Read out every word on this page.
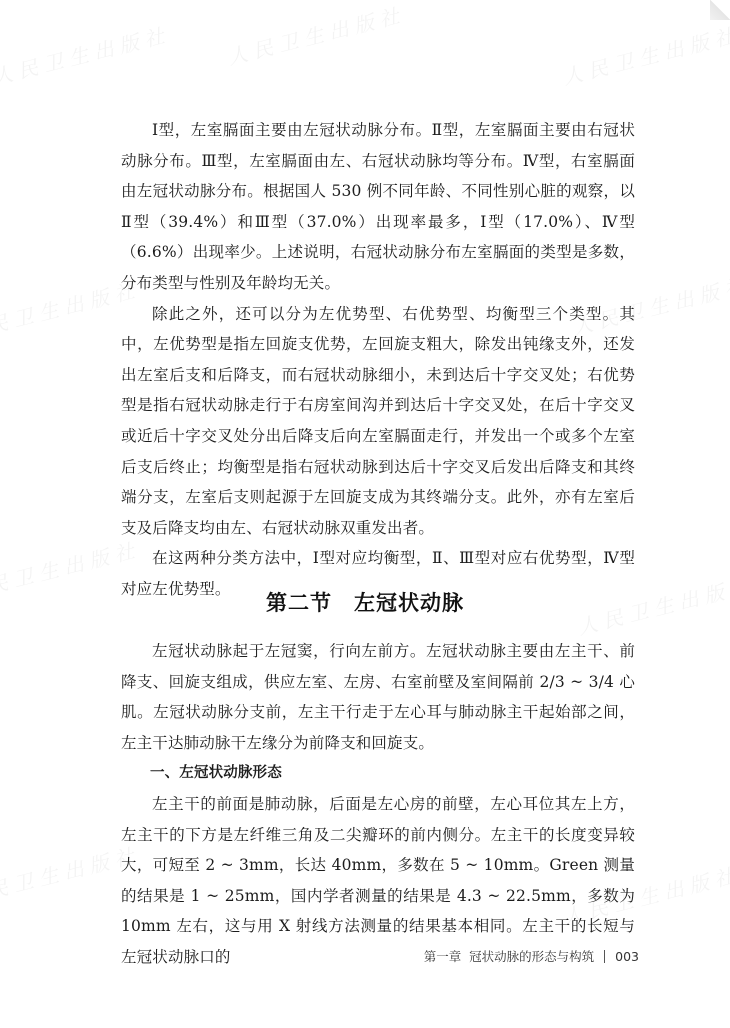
Ⅰ型，左室膈面主要由左冠状动脉分布。Ⅱ型，左室膈面主要由右冠状动脉分布。Ⅲ型，左室膈面由左、右冠状动脉均等分布。Ⅳ型，右室膈面由左冠状动脉分布。根据国人 530 例不同年龄、不同性别心脏的观察，以Ⅱ型（39.4%）和Ⅲ型（37.0%）出现率最多，Ⅰ型（17.0%）、Ⅳ型（6.6%）出现率少。上述说明，右冠状动脉分布左室膈面的类型是多数，分布类型与性别及年龄均无关。

除此之外，还可以分为左优势型、右优势型、均衡型三个类型。其中，左优势型是指左回旋支优势，左回旋支粗大，除发出钝缘支外，还发出左室后支和后降支，而右冠状动脉细小，未到达后十字交叉处；右优势型是指右冠状动脉走行于右房室间沟并到达后十字交叉处，在后十字交叉或近后十字交叉处分出后降支后向左室膈面走行，并发出一个或多个左室后支后终止；均衡型是指右冠状动脉到达后十字交叉后发出后降支和其终端分支，左室后支则起源于左回旋支成为其终端分支。此外，亦有左室后支及后降支均由左、右冠状动脉双重发出者。

在这两种分类方法中，Ⅰ型对应均衡型，Ⅱ、Ⅲ型对应右优势型，Ⅳ型对应左优势型。

第二节　左冠状动脉

左冠状动脉起于左冠窦，行向左前方。左冠状动脉主要由左主干、前降支、回旋支组成，供应左室、左房、右室前壁及室间隔前 2/3 ~ 3/4 心肌。左冠状动脉分支前，左主干行走于左心耳与肺动脉主干起始部之间，左主干达肺动脉干左缘分为前降支和回旋支。

一、左冠状动脉形态

左主干的前面是肺动脉，后面是左心房的前壁，左心耳位其左上方，左主干的下方是左纤维三角及二尖瓣环的前内侧分。左主干的长度变异较大，可短至 2 ~ 3mm，长达 40mm，多数在 5 ~ 10mm。Green 测量的结果是 1 ~ 25mm，国内学者测量的结果是 4.3 ~ 22.5mm，多数为 10mm 左右，这与用 X 射线方法测量的结果基本相同。左主干的长短与左冠状动脉口的	第一章  冠状动脉的形态与构筑 003
